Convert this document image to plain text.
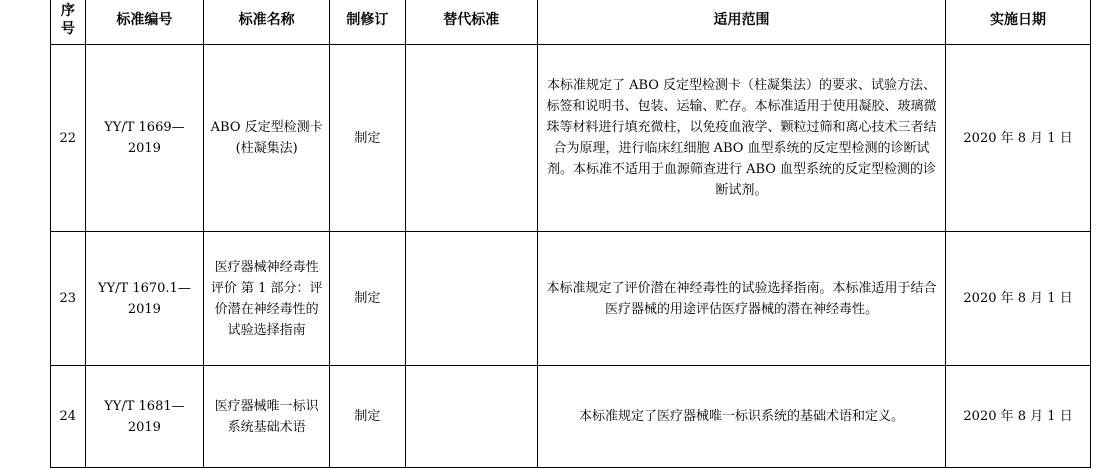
序号	标准编号	标准名称	制修订	替代标准	适用范围	实施日期
22	YY/T 1669—2019	ABO 反定型检测卡(柱凝集法)	制定		本标准规定了 ABO 反定型检测卡（柱凝集法）的要求、试验方法、标签和说明书、包装、运输、贮存。本标准适用于使用凝胶、玻璃微珠等材料进行填充微柱，以免疫血液学、颗粒过筛和离心技术三者结合为原理，进行临床红细胞 ABO 血型系统的反定型检测的诊断试剂。本标准不适用于血源筛查进行 ABO 血型系统的反定型检测的诊断试剂。	2020 年 8 月 1 日
23	YY/T 1670.1—2019	医疗器械神经毒性评价 第 1 部分：评价潜在神经毒性的试验选择指南	制定		本标准规定了评价潜在神经毒性的试验选择指南。本标准适用于结合医疗器械的用途评估医疗器械的潜在神经毒性。	2020 年 8 月 1 日
24	YY/T 1681—2019	医疗器械唯一标识系统基础术语	制定		本标准规定了医疗器械唯一标识系统的基础术语和定义。	2020 年 8 月 1 日
